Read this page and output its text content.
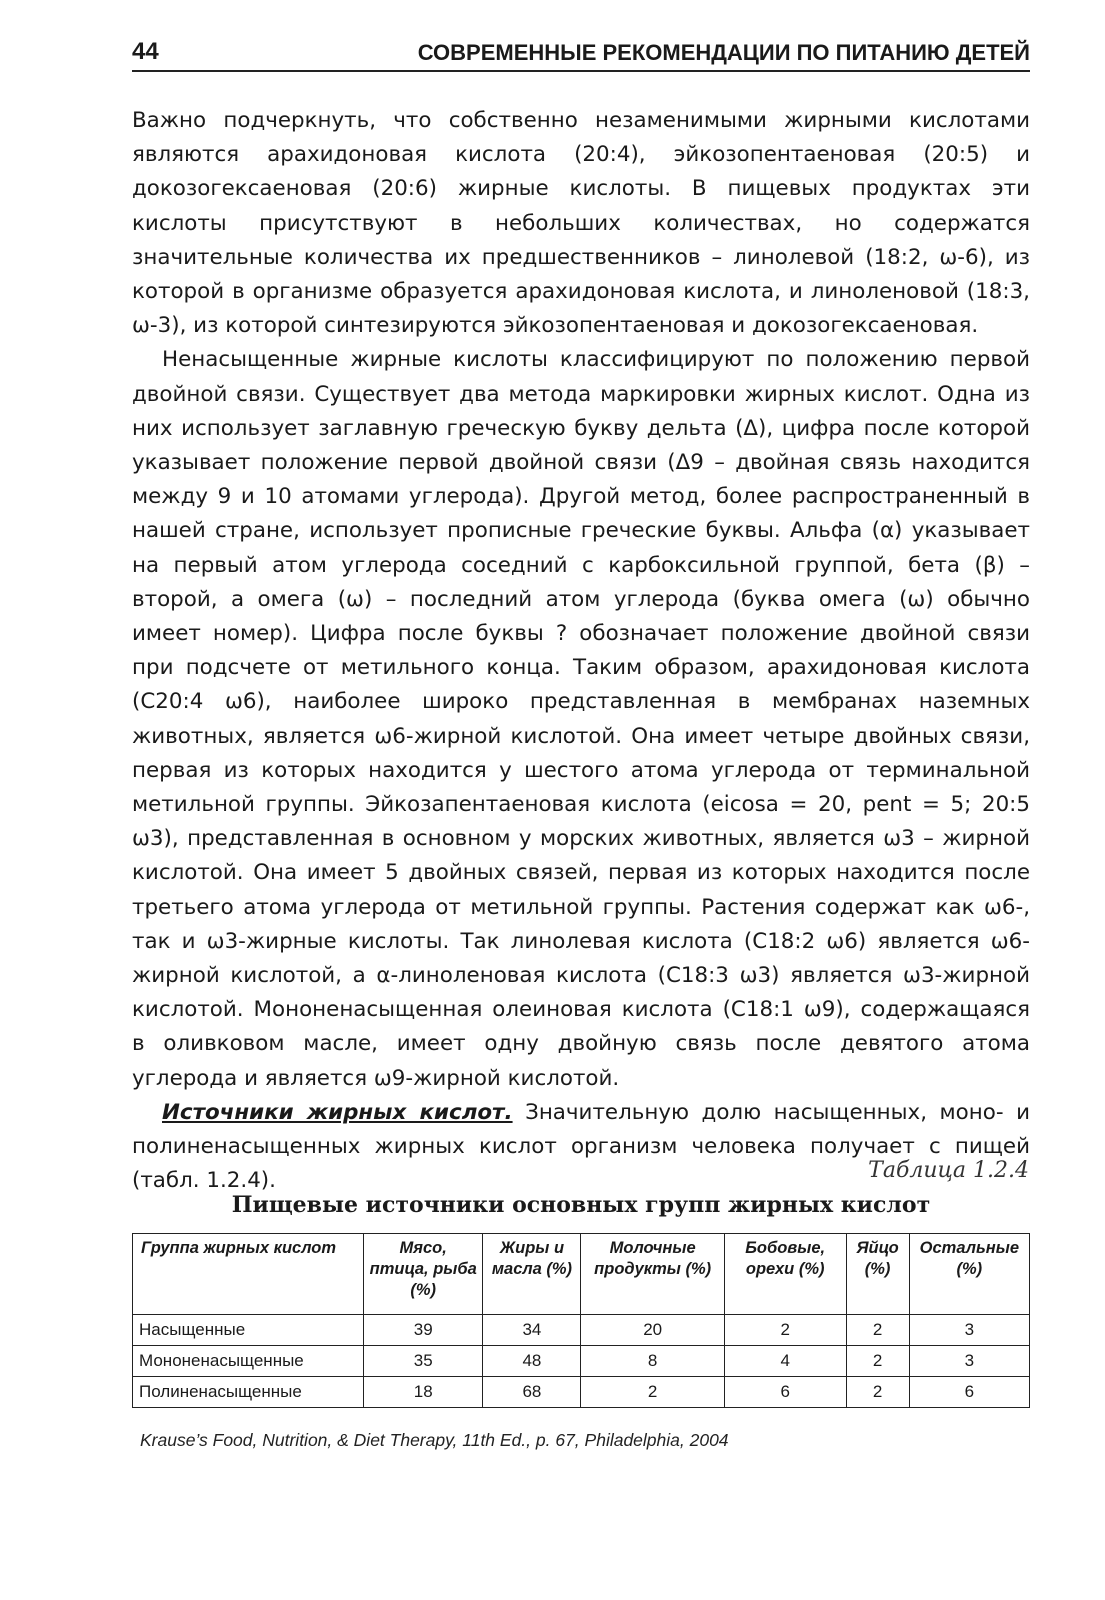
44	СОВРЕМЕННЫЕ РЕКОМЕНДАЦИИ ПО ПИТАНИЮ ДЕТЕЙ

Важно подчеркнуть, что собственно незаменимыми жирными кислотами являются арахидоновая кислота (20:4), эйкозопентаеновая (20:5) и докозогексаеновая (20:6) жирные кислоты. В пищевых продуктах эти кислоты присутствуют в небольших количествах, но содержатся значительные количества их предшественников – линолевой (18:2, ω-6), из которой в организме образуется арахидоновая кислота, и линоленовой (18:3, ω-3), из которой синтезируются эйкозопентаеновая и докозогексаеновая.

Ненасыщенные жирные кислоты классифицируют по положению первой двойной связи. Существует два метода маркировки жирных кислот. Одна из них использует заглавную греческую букву дельта (Δ), цифра после которой указывает положение первой двойной связи (Δ9 – двойная связь находится между 9 и 10 атомами углерода). Другой метод, более распространенный в нашей стране, использует прописные греческие буквы. Альфа (α) указывает на первый атом углерода соседний с карбоксильной группой, бета (β) – второй, а омега (ω) – последний атом углерода (буква омега (ω) обычно имеет номер). Цифра после буквы ? обозначает положение двойной связи при подсчете от метильного конца. Таким образом, арахидоновая кислота (С20:4 ω6), наиболее широко представленная в мембранах наземных животных, является ω6-жирной кислотой. Она имеет четыре двойных связи, первая из которых находится у шестого атома углерода от терминальной метильной группы. Эйкозапентаеновая кислота (eicosa = 20, pent = 5; 20:5 ω3), представленная в основном у морских животных, является ω3 – жирной кислотой. Она имеет 5 двойных связей, первая из которых находится после третьего атома углерода от метильной группы. Растения содержат как ω6-, так и ω3-жирные кислоты. Так линолевая кислота (С18:2 ω6) является ω6-жирной кислотой, а α-линоленовая кислота (С18:3 ω3) является ω3-жирной кислотой. Мононенасыщенная олеиновая кислота (С18:1 ω9), содержащаяся в оливковом масле, имеет одну двойную связь после девятого атома углерода и является ω9-жирной кислотой.

Источники жирных кислот. Значительную долю насыщенных, моно- и полиненасыщенных жирных кислот организм человека получает с пищей (табл. 1.2.4).	Таблица 1.2.4
Пищевые источники основных групп жирных кислот
Группа жирных кислот	Мясо, птица, рыба (%)	Жиры и масла (%)	Молочные продукты (%)	Бобовые, орехи (%)	Яйцо (%)	Остальные (%)
Насыщенные	39	34	20	2	2	3
Мононенасыщенные	35	48	8	4	2	3
Полиненасыщенные	18	68	2	6	2	6
Krause’s Food, Nutrition, & Diet Therapy, 11th Ed., p. 67, Philadelphia, 2004
